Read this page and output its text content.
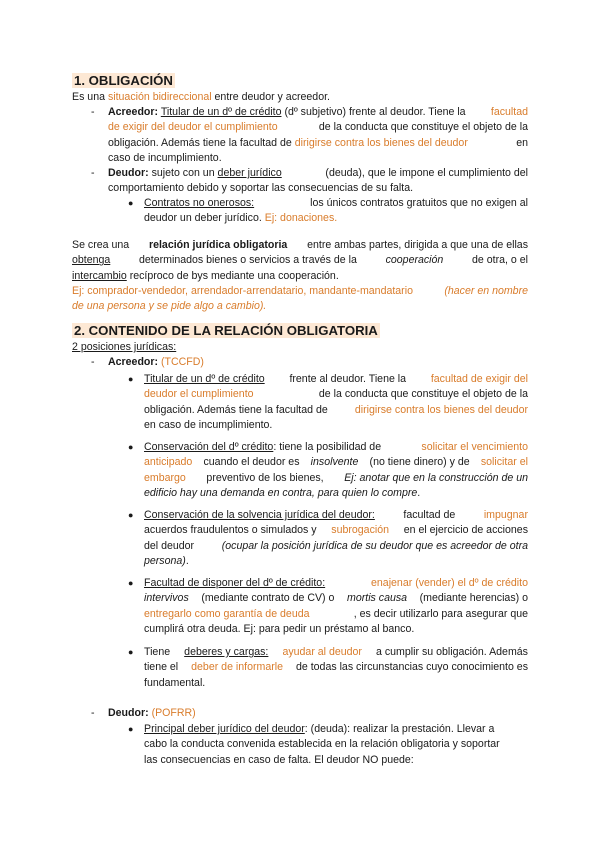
1. OBLIGACIÓN
Es una situación bidireccional entre deudor y acreedor.
- Acreedor: Titular de un dº de crédito (dº subjetivo) frente al deudor. Tiene la facultad
de exigir del deudor el cumplimiento	de la conducta que constituye el objeto de la
obligación. Además tiene la facultad de dirigirse contra los bienes del deudor	en
caso de incumplimiento.
- Deudor: sujeto con un deber jurídico	(deuda), que le impone el cumplimiento del
comportamiento debido y soportar las consecuencias de su falta.
● Contratos no onerosos:	los únicos contratos gratuitos que no exigen al
deudor un deber jurídico. Ej: donaciones.
Se crea una relación jurídica obligatoria entre ambas partes, dirigida a que una de ellas
obtenga	determinados bienes o servicios a través de la	cooperación	de otra, o el
intercambio recíproco de bys mediante una cooperación.
Ej: comprador-vendedor, arrendador-arrendatario, mandante-mandatario	(hacer en nombre
de una persona y se pide algo a cambio).
2. CONTENIDO DE LA RELACIÓN OBLIGATORIA
2 posiciones jurídicas:
- Acreedor: (TCCFD)
● Titular de un dº de crédito frente al deudor. Tiene la facultad de exigir del
deudor el cumplimiento	de la conducta que constituye el objeto de la
obligación. Además tiene la facultad de	dirigirse contra los bienes del deudor
en caso de incumplimiento.
● Conservación del dº crédito: tiene la posibilidad de	solicitar el vencimiento
anticipado cuando el deudor es insolvente (no tiene dinero) y de solicitar el
embargo preventivo de los bienes, Ej: anotar que en la construcción de un
edificio hay una demanda en contra, para quien lo compre.
● Conservación de la solvencia jurídica del deudor:	facultad de	impugnar
acuerdos fraudulentos o simulados y subrogación en el ejercicio de acciones
del deudor	(ocupar la posición jurídica de su deudor que es acreedor de otra
persona).
● Facultad de disponer del dº de crédito:	enajenar (vender) el dº de crédito
intervivos (mediante contrato de CV) o mortis causa (mediante herencias) o
entregarlo como garantía de deuda	, es decir utilizarlo para asegurar que
cumplirá otra deuda. Ej: para pedir un préstamo al banco.
● Tiene deberes y cargas: ayudar al deudor a cumplir su obligación. Además
tiene el deber de informarle de todas las circunstancias cuyo conocimiento es
fundamental.
- Deudor: (POFRR)
● Principal deber jurídico del deudor: (deuda): realizar la prestación. Llevar a
cabo la conducta convenida establecida en la relación obligatoria y soportar
las consecuencias en caso de falta. El deudor NO puede:
